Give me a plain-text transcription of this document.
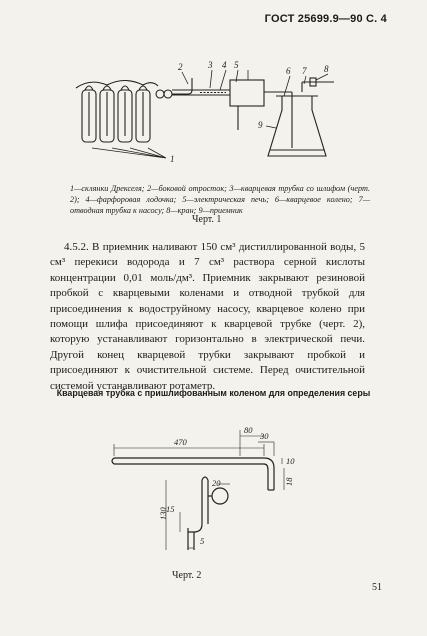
ГОСТ 25699.9—90 С. 4
2	3 4 5
6 7 8
9
1
1—склянки Дрекселя; 2—боковой отросток; 3—кварцевая трубка со шлифом (черт. 2); 4—фарфоровая лодочка; 5—электрическая печь; 6—кварцевое колено; 7—отводная трубка к насосу; 8—кран; 9—приемник
Черт. 1
4.5.2. В приемник наливают 150 см³ дистиллированной воды, 5 см³ перекиси водорода и 7 см³ раствора серной кислоты концентрации 0,01 моль/дм³. Приемник закрывают резиновой пробкой с кварцевыми коленами и отводной трубкой для присоединения к водоструйному насосу, кварцевое колено при помощи шлифа присоединяют к кварцевой трубке (черт. 2), которую устанавливают горизонтально в электрической печи. Другой конец кварцевой трубки закрывают пробкой и присоединяют к очистительной системе. Перед очистительной системой устанавливают ротаметр.
Кварцевая трубка с пришлифованным коленом для определения серы
470
80
30
10
18
130
15
20
5
Черт. 2
51
